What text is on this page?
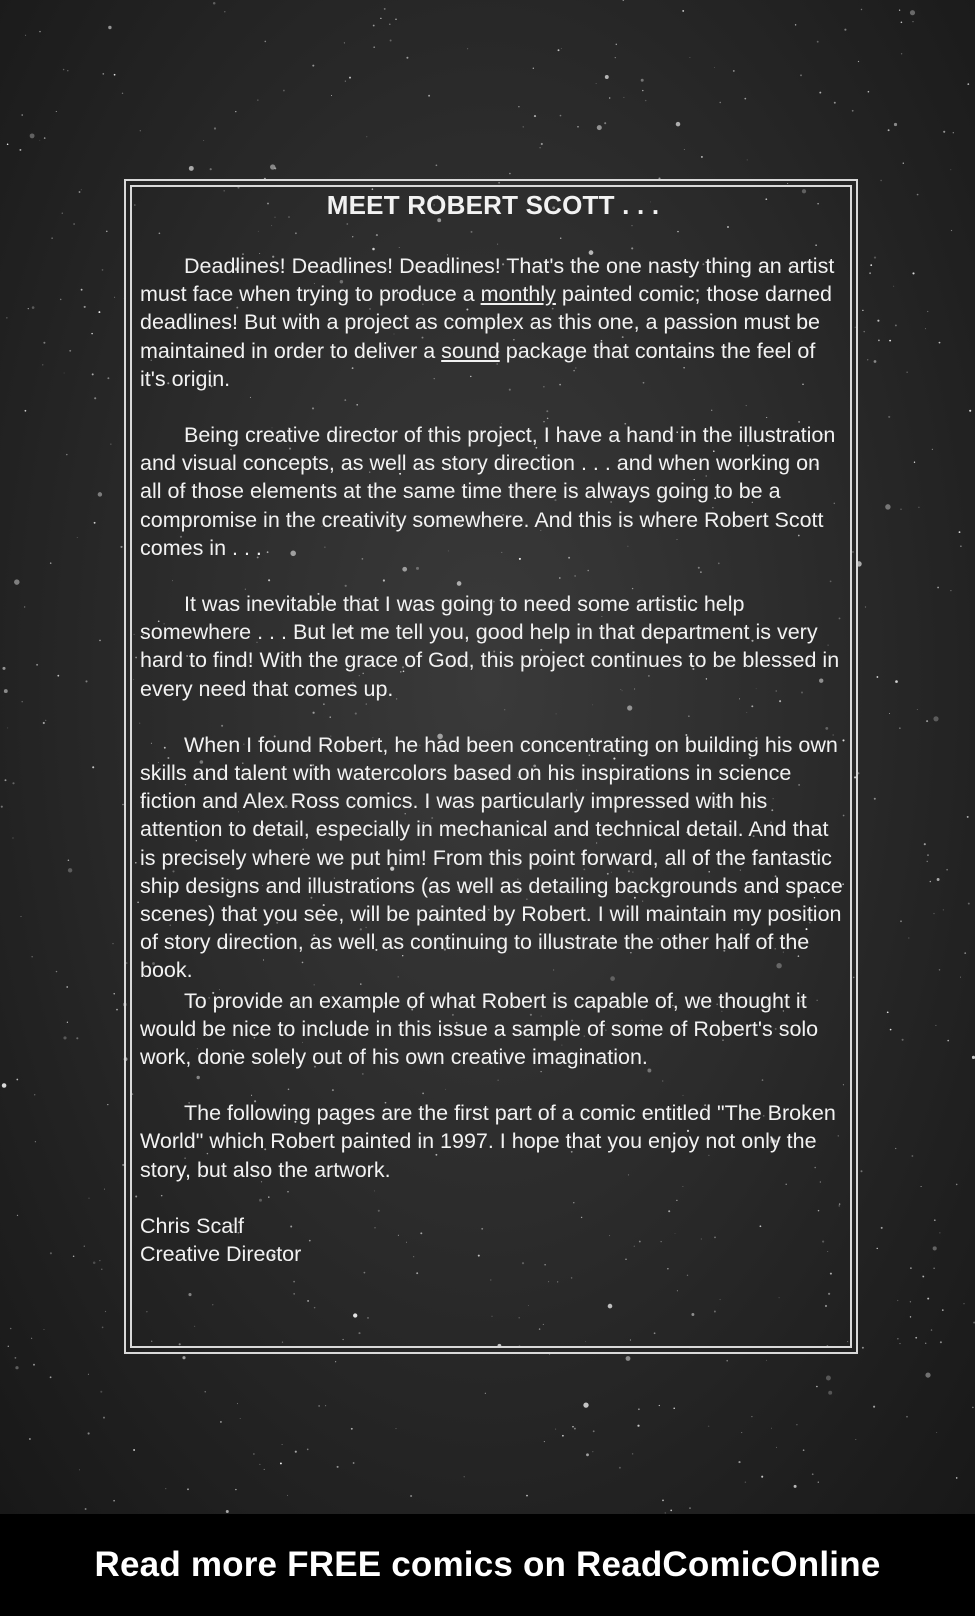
MEET ROBERT SCOTT . . .

Deadlines! Deadlines! Deadlines! That's the one nasty thing an artist must face when trying to produce a monthly painted comic; those darned deadlines! But with a project as complex as this one, a passion must be maintained in order to deliver a sound package that contains the feel of it's origin.

Being creative director of this project, I have a hand in the illustration and visual concepts, as well as story direction . . . and when working on all of those elements at the same time there is always going to be a compromise in the creativity somewhere. And this is where Robert Scott comes in . . .

It was inevitable that I was going to need some artistic help somewhere . . . But let me tell you, good help in that department is very hard to find! With the grace of God, this project continues to be blessed in every need that comes up.

When I found Robert, he had been concentrating on building his own skills and talent with watercolors based on his inspirations in science fiction and Alex Ross comics. I was particularly impressed with his attention to detail, especially in mechanical and technical detail. And that is precisely where we put him! From this point forward, all of the fantastic ship designs and illustrations (as well as detailing backgrounds and space scenes) that you see, will be painted by Robert. I will maintain my position of story direction, as well as continuing to illustrate the other half of the book.

To provide an example of what Robert is capable of, we thought it would be nice to include in this issue a sample of some of Robert's solo work, done solely out of his own creative imagination.

The following pages are the first part of a comic entitled "The Broken World" which Robert painted in 1997. I hope that you enjoy not only the story, but also the artwork.

Chris Scalf
Creative Director
Read more FREE comics on ReadComicOnline
